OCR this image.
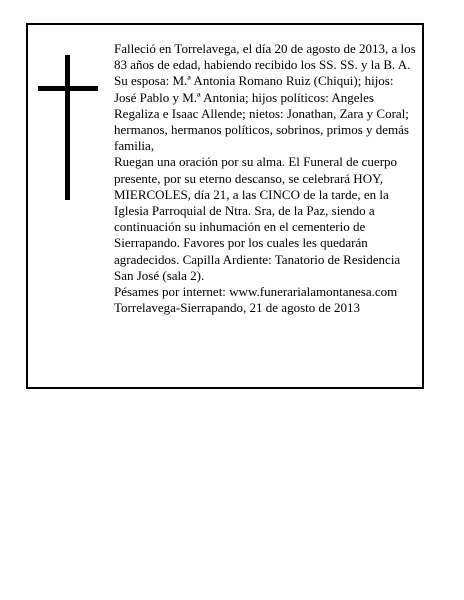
Falleció en Torrelavega, el día 20 de agosto de 2013, a los 83 años de edad, habiendo recibido los SS. SS. y la B. A.

Su esposa: M.ª Antonia Romano Ruiz (Chiqui); hijos: José Pablo y M.ª Antonia; hijos políticos: Angeles Regaliza e Isaac Allende; nietos: Jonathan, Zara y Coral; hermanos, hermanos políticos, sobrinos, primos y demás familia,

Ruegan una oración por su alma. El Funeral de cuerpo presente, por su eterno descanso, se celebrará HOY, MIERCOLES, día 21, a las CINCO de la tarde, en la Iglesia Parroquial de Ntra. Sra, de la Paz, siendo a continuación su inhumación en el cementerio de Sierrapando. Favores por los cuales les quedarán agradecidos. Capilla Ardiente: Tanatorio de Residencia San José (sala 2).

Pésames por internet: www.funerarialamontanesa.com

Torrelavega-Sierrapando, 21 de agosto de 2013
